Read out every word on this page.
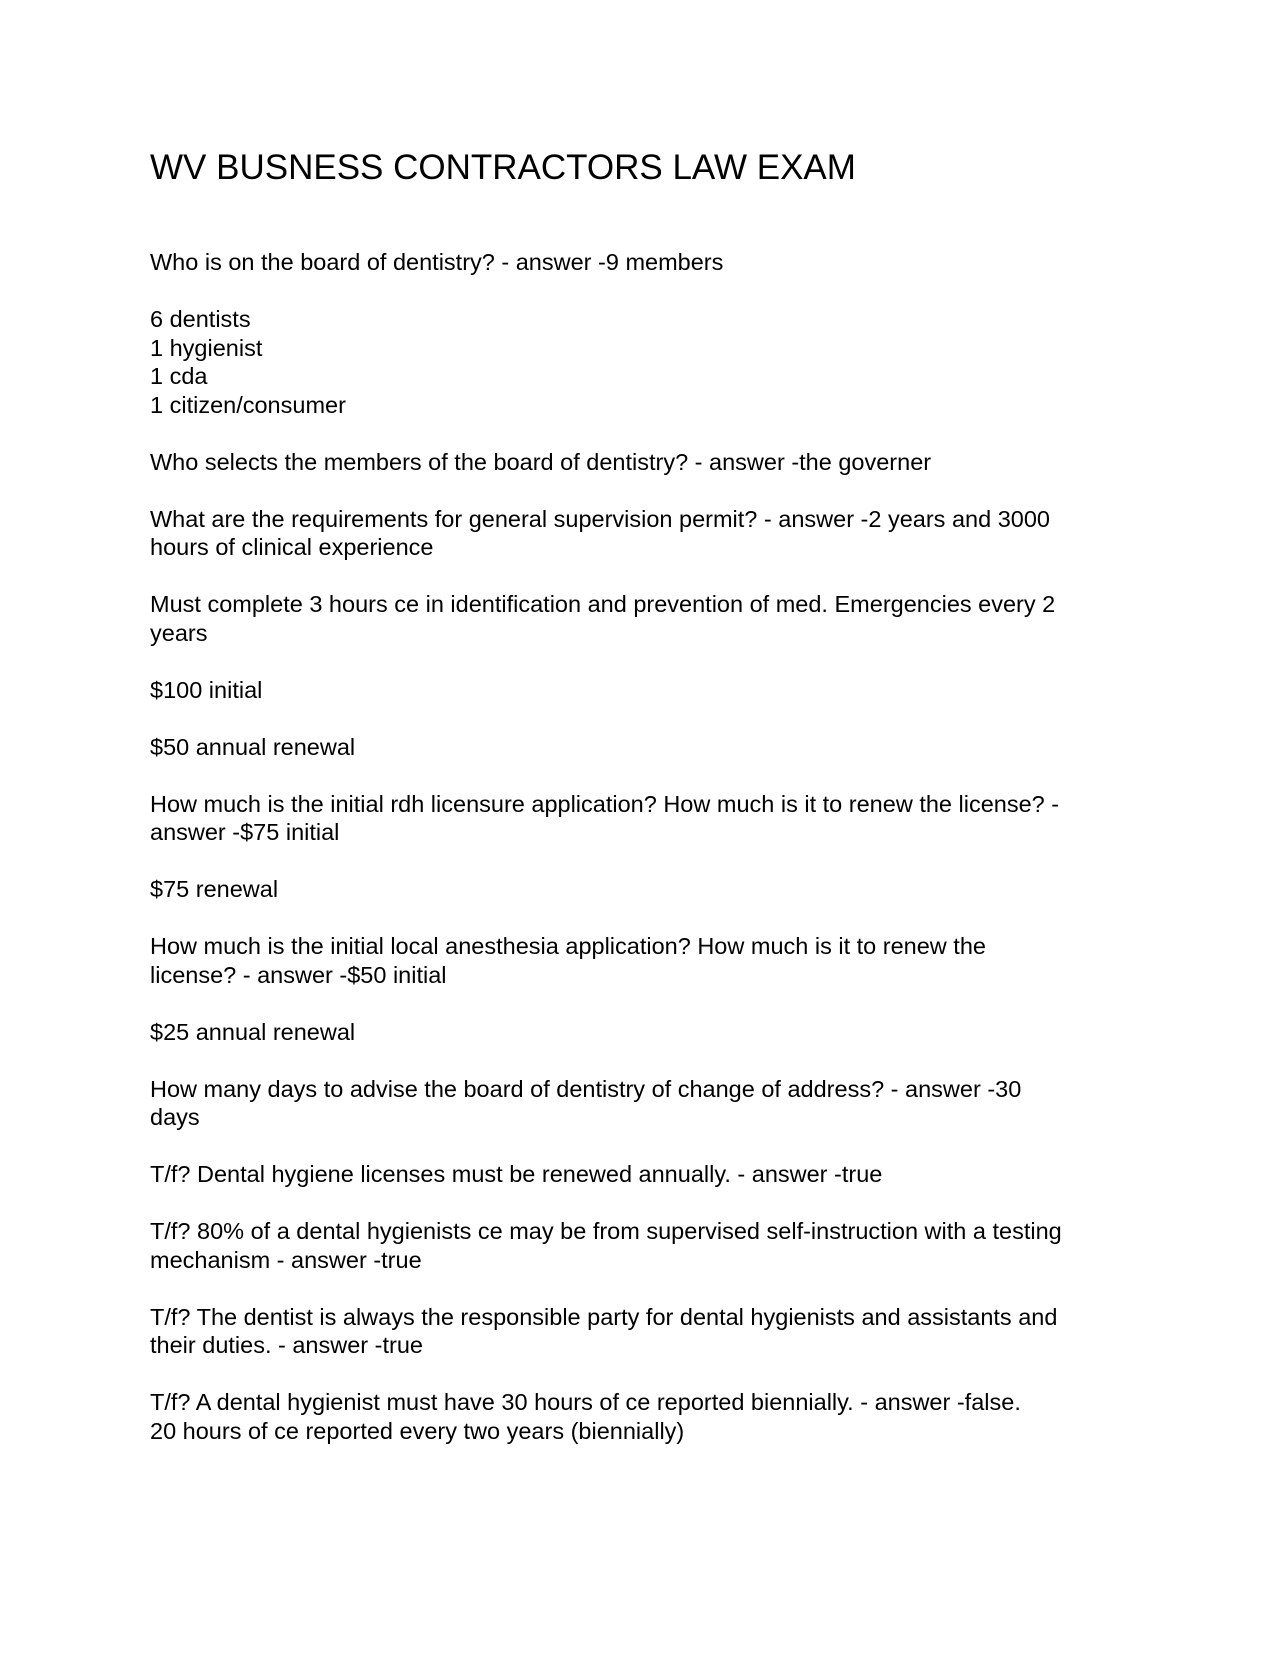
WV BUSNESS CONTRACTORS LAW EXAM

Who is on the board of dentistry? - answer -9 members

6 dentists
1 hygienist
1 cda
1 citizen/consumer

Who selects the members of the board of dentistry? - answer -the governer

What are the requirements for general supervision permit? - answer -2 years and 3000
hours of clinical experience

Must complete 3 hours ce in identification and prevention of med. Emergencies every 2
years

$100 initial

$50 annual renewal

How much is the initial rdh licensure application? How much is it to renew the license? -
answer -$75 initial

$75 renewal

How much is the initial local anesthesia application? How much is it to renew the
license? - answer -$50 initial

$25 annual renewal

How many days to advise the board of dentistry of change of address? - answer -30
days

T/f? Dental hygiene licenses must be renewed annually. - answer -true

T/f? 80% of a dental hygienists ce may be from supervised self-instruction with a testing
mechanism - answer -true

T/f? The dentist is always the responsible party for dental hygienists and assistants and
their duties. - answer -true

T/f? A dental hygienist must have 30 hours of ce reported biennially. - answer -false.
20 hours of ce reported every two years (biennially)
